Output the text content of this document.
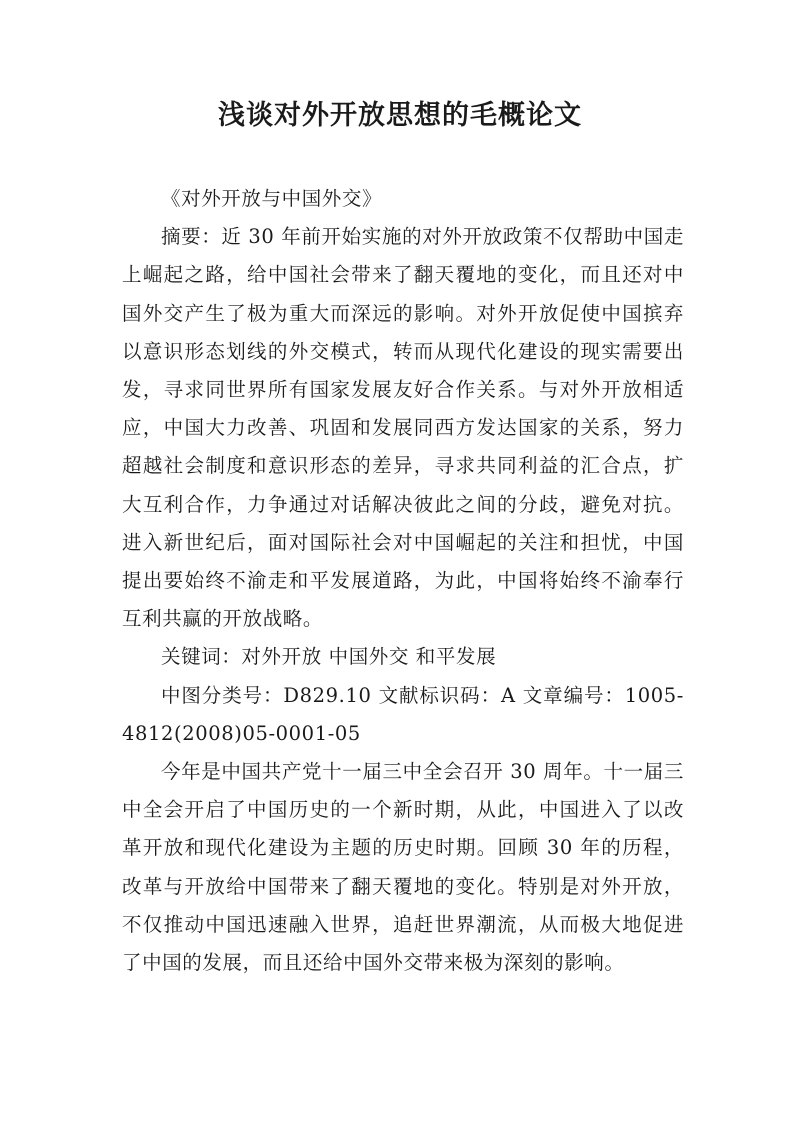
浅谈对外开放思想的毛概论文

《对外开放与中国外交》

摘要：近 30 年前开始实施的对外开放政策不仅帮助中国走上崛起之路，给中国社会带来了翻天覆地的变化，而且还对中国外交产生了极为重大而深远的影响。对外开放促使中国摈弃以意识形态划线的外交模式，转而从现代化建设的现实需要出发，寻求同世界所有国家发展友好合作关系。与对外开放相适应，中国大力改善、巩固和发展同西方发达国家的关系，努力超越社会制度和意识形态的差异，寻求共同利益的汇合点，扩大互利合作，力争通过对话解决彼此之间的分歧，避免对抗。进入新世纪后，面对国际社会对中国崛起的关注和担忧，中国提出要始终不渝走和平发展道路，为此，中国将始终不渝奉行互利共赢的开放战略。

关键词：对外开放 中国外交 和平发展

中图分类号：D829.10 文献标识码：A 文章编号：1005-4812(2008)05-0001-05

今年是中国共产党十一届三中全会召开 30 周年。十一届三中全会开启了中国历史的一个新时期，从此，中国进入了以改革开放和现代化建设为主题的历史时期。回顾 30 年的历程，改革与开放给中国带来了翻天覆地的变化。特别是对外开放，不仅推动中国迅速融入世界，追赶世界潮流，从而极大地促进了中国的发展，而且还给中国外交带来极为深刻的影响。
